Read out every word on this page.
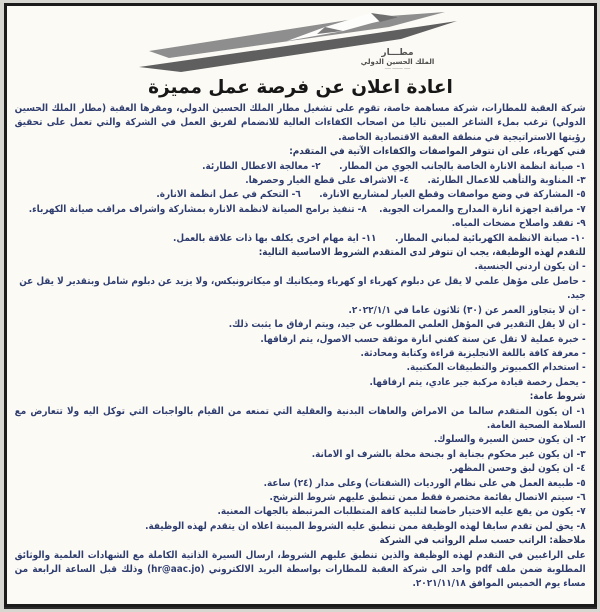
مطـــار
الملك الحسين الدولي
ــــ ـــــــ ــــ
اعادة اعلان عن فرصة عمل مميزة

شركة العقبة للمطارات، شركة مساهمة خاصة، تقوم على تشغيل مطار الملك الحسين الدولي، ومقرها العقبة (مطار الملك الحسين الدولي) ترغب بملء الشاغر المبين تاليا من اصحاب الكفاءات العالية للانضمام لفريق العمل في الشركة والتي تعمل على تحقيق رؤيتها الاستراتيجية في منطقة العقبة الاقتصادية الخاصة.

فني كهرباء، على ان تتوفر المواصفات والكفاءات الآتية في المتقدم:

١- صيانة انظمة الانارة الخاصة بالجانب الجوي من المطار.      ٢- معالجة الاعطال الطارئة.

٣- المناوبة والتأهب للاعمال الطارئة.      ٤- الاشراف على قطع الغيار وحصرها.

٥- المشاركة في وضع مواصفات وقطع الغيار لمشاريع الانارة.      ٦- التحكم في عمل انظمة الانارة.

٧- مراقبة اجهزة انارة المدارج والممرات الجوية.    ٨- تنفيذ برامج الصيانة لانظمة الانارة بمشاركة واشراف مراقب صيانة الكهرباء.

٩- تفقد واصلاح مضخات المياه.

١٠- صيانة الانظمة الكهربائية لمباني المطار.      ١١- اية مهام اخرى يكلف بها ذات علاقة بالعمل.

للتقدم لهذه الوظيفة، يجب ان تتوفر لدى المتقدم الشروط الاساسية التالية:

- ان يكون اردني الجنسية.

- حاصل على مؤهل علمي لا يقل عن دبلوم كهرباء او كهرباء وميكانيك او ميكاترونيكس، ولا يزيد عن دبلوم شامل وبتقدير لا يقل عن جيد.

- ان لا يتجاوز العمر عن (٣٠) ثلاثون عاما في ٢٠٢٢/١/١.

- ان لا يقل التقدير في المؤهل العلمي المطلوب عن جيد، ويتم ارفاق ما يثبت ذلك.

- خبرة عملية لا تقل عن سنة كفني انارة موثقة حسب الاصول، يتم ارفاقها.

- معرفة كافة باللغة الانجليزية قراءة وكتابة ومحادثة.

- استخدام الكمبيوتر والتطبيقات المكتبية.

- يحمل رخصة قيادة مركبة جير عادي، يتم ارفاقها.

شروط عامة:

١- ان يكون المتقدم سالما من الامراض والعاهات البدنية والعقلية التي تمنعه من القيام بالواجبات التي توكل اليه ولا تتعارض مع السلامة الصحية العامة.

٢- ان يكون حسن السيرة والسلوك.

٣- ان يكون غير محكوم بجناية او بجنحة مخلة بالشرف او الامانة.

٤- ان يكون لبق وحسن المظهر.

٥- طبيعة العمل هي على نظام الورديات (الشفتات) وعلى مدار (٢٤) ساعة.

٦- سيتم الاتصال بقائمة مختصرة فقط ممن تنطبق عليهم شروط الترشح.

٧- يكون من يقع عليه الاختيار خاضعا لتلبية كافة المتطلبات المرتبطة بالجهات المعنية.

٨- يحق لمن تقدم سابقا لهذه الوظيفة ممن تنطبق عليه الشروط المبينة اعلاه ان يتقدم لهذه الوظيفة.

ملاحظة: الراتب حسب سلم الرواتب في الشركة

على الراغبين في التقدم لهذه الوظيفة والذين تنطبق عليهم الشروط، ارسال السيرة الذاتية الكاملة مع الشهادات العلمية والوثائق المطلوبة ضمن ملف pdf واحد الى شركة العقبة للمطارات بواسطة البريد الالكتروني (hr@aac.jo) وذلك قبل الساعة الرابعة من مساء يوم الخميس الموافق ٢٠٢١/١١/١٨.
